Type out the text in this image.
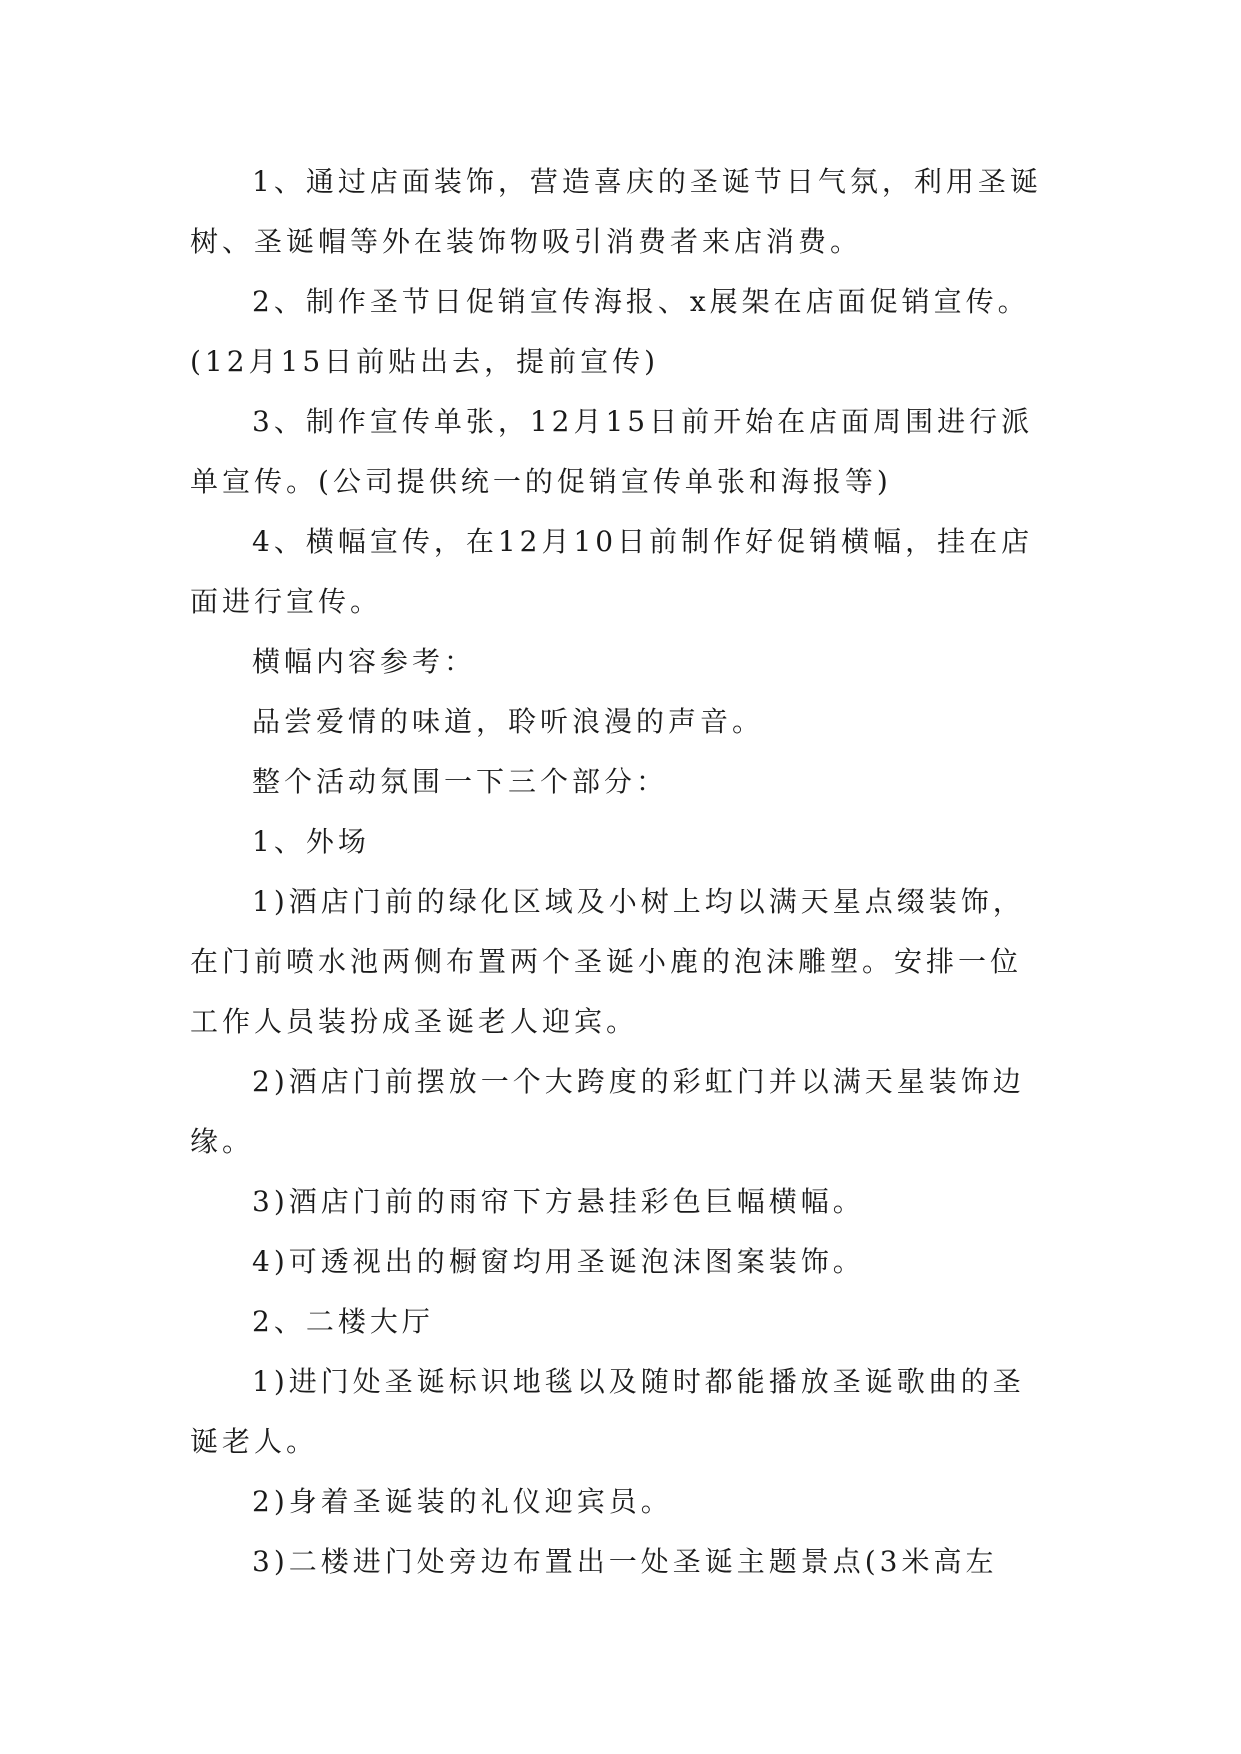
1、通过店面装饰，营造喜庆的圣诞节日气氛，利用圣诞树、圣诞帽等外在装饰物吸引消费者来店消费。

2、制作圣节日促销宣传海报、x展架在店面促销宣传。(12月15日前贴出去，提前宣传)

3、制作宣传单张，12月15日前开始在店面周围进行派单宣传。(公司提供统一的促销宣传单张和海报等)

4、横幅宣传，在12月10日前制作好促销横幅，挂在店面进行宣传。

横幅内容参考：

品尝爱情的味道，聆听浪漫的声音。

整个活动氛围一下三个部分：

1、外场

1)酒店门前的绿化区域及小树上均以满天星点缀装饰，在门前喷水池两侧布置两个圣诞小鹿的泡沫雕塑。安排一位工作人员装扮成圣诞老人迎宾。

2)酒店门前摆放一个大跨度的彩虹门并以满天星装饰边缘。

3)酒店门前的雨帘下方悬挂彩色巨幅横幅。

4)可透视出的橱窗均用圣诞泡沫图案装饰。

2、二楼大厅

1)进门处圣诞标识地毯以及随时都能播放圣诞歌曲的圣诞老人。

2)身着圣诞装的礼仪迎宾员。

3)二楼进门处旁边布置出一处圣诞主题景点(3米高左
